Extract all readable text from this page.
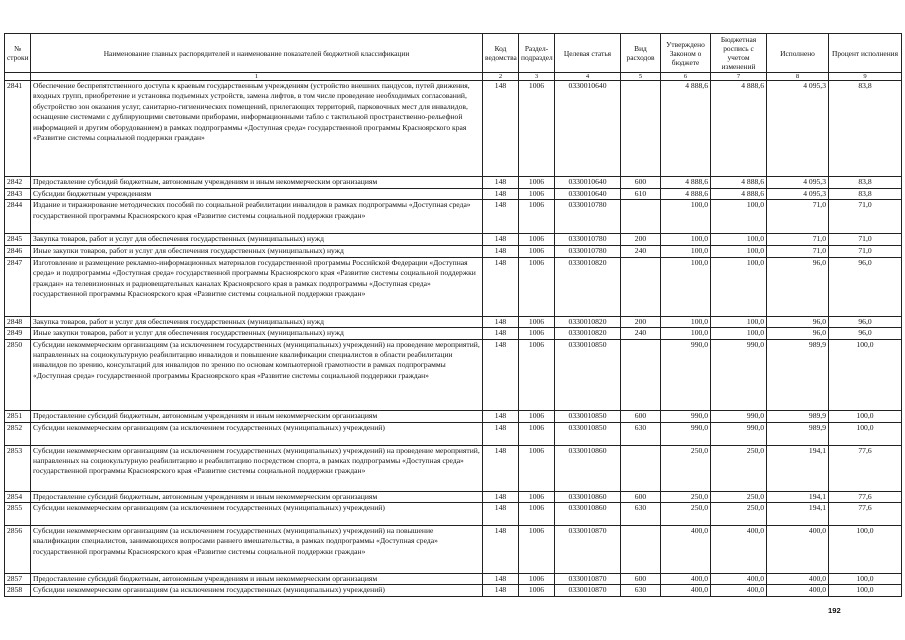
№ строки	Наименование главных распорядителей и наименование показателей бюджетной классификации	Код ведомства	Раздел-подраздел	Целевая статья	Вид расходов	Утверждено Законом о бюджете	Бюджетная роспись с учетом изменений	Исполнено	Процент исполнения
	1	2	3	4	5	6	7	8	9
2841	Обеспечение беспрепятственного доступа к краевым государственным учреждениям (устройство внешних пандусов, путей движения, входных групп, приобретение и установка подъемных устройств, замена лифтов, в том числе проведение необходимых согласований, обустройство зон оказания услуг, санитарно-гигиенических помещений, прилегающих территорий, парковочных мест для инвалидов, оснащение системами с дублирующими световыми приборами, информационными табло с тактильной пространственно-рельефной информацией и другим оборудованием) в рамках подпрограммы «Доступная среда» государственной программы Красноярского края «Развитие системы социальной поддержки граждан»	148	1006	0330010640		4 888,6	4 888,6	4 095,3	83,8
2842	Предоставление субсидий бюджетным, автономным учреждениям и иным некоммерческим организациям	148	1006	0330010640	600	4 888,6	4 888,6	4 095,3	83,8
2843	Субсидии бюджетным учреждениям	148	1006	0330010640	610	4 888,6	4 888,6	4 095,3	83,8
2844	Издание и тиражирование методических пособий по социальной реабилитации инвалидов в рамках подпрограммы «Доступная среда» государственной программы Красноярского края «Развитие системы социальной поддержки граждан»	148	1006	0330010780		100,0	100,0	71,0	71,0
2845	Закупка товаров, работ и услуг для обеспечения государственных (муниципальных) нужд	148	1006	0330010780	200	100,0	100,0	71,0	71,0
2846	Иные закупки товаров, работ и услуг для обеспечения государственных (муниципальных) нужд	148	1006	0330010780	240	100,0	100,0	71,0	71,0
2847	Изготовление и размещение рекламно-информационных материалов государственной программы Российской Федерации «Доступная среда» и подпрограммы «Доступная среда» государственной программы Красноярского края «Развитие системы социальной поддержки граждан» на телевизионных и радиовещательных каналах Красноярского края в рамках подпрограммы «Доступная среда» государственной программы Красноярского края «Развитие системы социальной поддержки граждан»	148	1006	0330010820		100,0	100,0	96,0	96,0
2848	Закупка товаров, работ и услуг для обеспечения государственных (муниципальных) нужд	148	1006	0330010820	200	100,0	100,0	96,0	96,0
2849	Иные закупки товаров, работ и услуг для обеспечения государственных (муниципальных) нужд	148	1006	0330010820	240	100,0	100,0	96,0	96,0
2850	Субсидии некоммерческим организациям (за исключением государственных (муниципальных) учреждений) на проведение мероприятий, направленных на социокультурную реабилитацию инвалидов и повышение квалификации специалистов в области реабилитации инвалидов по зрению, консультаций для инвалидов по зрению по основам компьютерной грамотности в рамках подпрограммы «Доступная среда» государственной программы Красноярского края «Развитие системы социальной поддержки граждан»	148	1006	0330010850		990,0	990,0	989,9	100,0
2851	Предоставление субсидий бюджетным, автономным учреждениям и иным некоммерческим организациям	148	1006	0330010850	600	990,0	990,0	989,9	100,0
2852	Субсидии некоммерческим организациям (за исключением государственных (муниципальных) учреждений)	148	1006	0330010850	630	990,0	990,0	989,9	100,0
2853	Субсидии некоммерческим организациям (за исключением государственных (муниципальных) учреждений) на проведение мероприятий, направленных на социокультурную реабилитацию и реабилитацию посредством спорта, в рамках подпрограммы «Доступная среда» государственной программы Красноярского края «Развитие системы социальной поддержки граждан»	148	1006	0330010860		250,0	250,0	194,1	77,6
2854	Предоставление субсидий бюджетным, автономным учреждениям и иным некоммерческим организациям	148	1006	0330010860	600	250,0	250,0	194,1	77,6
2855	Субсидии некоммерческим организациям (за исключением государственных (муниципальных) учреждений)	148	1006	0330010860	630	250,0	250,0	194,1	77,6
2856	Субсидии некоммерческим организациям (за исключением государственных (муниципальных) учреждений) на повышение квалификации специалистов, занимающихся вопросами раннего вмешательства, в рамках подпрограммы «Доступная среда» государственной программы Красноярского края «Развитие системы социальной поддержки граждан»	148	1006	0330010870		400,0	400,0	400,0	100,0
2857	Предоставление субсидий бюджетным, автономным учреждениям и иным некоммерческим организациям	148	1006	0330010870	600	400,0	400,0	400,0	100,0
2858	Субсидии некоммерческим организациям (за исключением государственных (муниципальных) учреждений)	148	1006	0330010870	630	400,0	400,0	400,0	100,0
192
